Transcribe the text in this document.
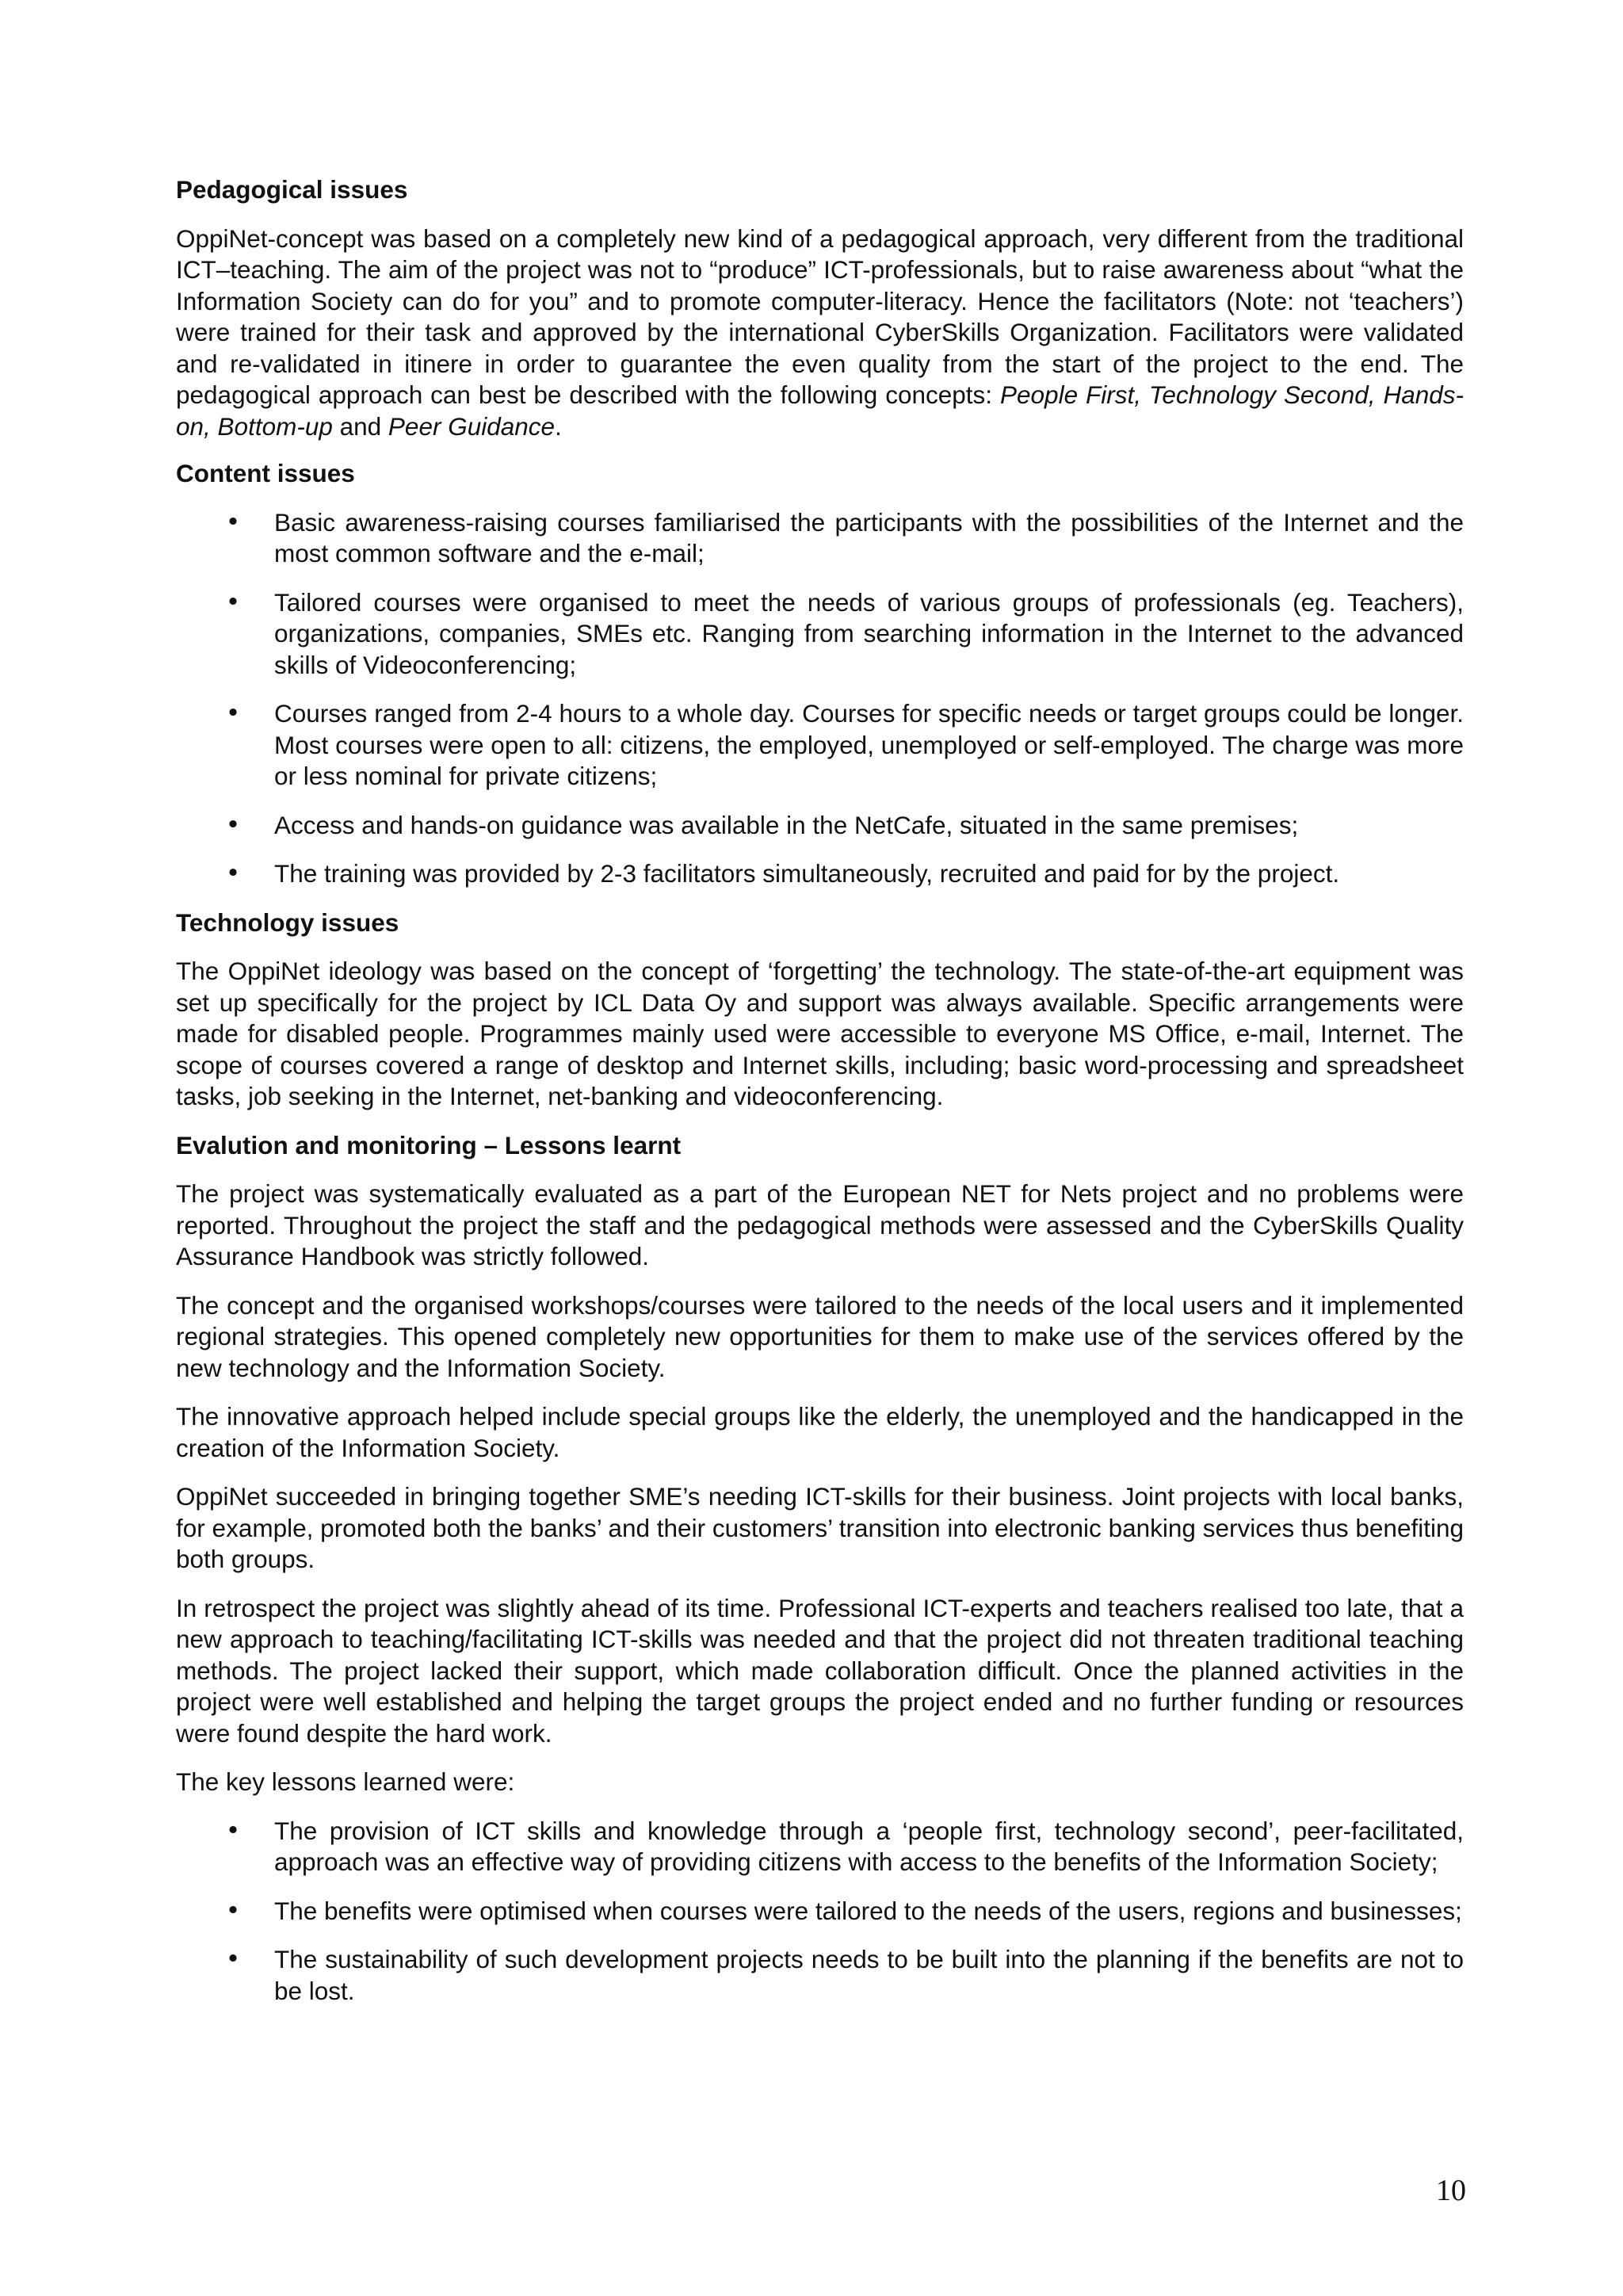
Pedagogical issues

OppiNet-concept was based on a completely new kind of a pedagogical approach, very different from the traditional ICT–teaching. The aim of the project was not to “produce” ICT-professionals, but to raise awareness about “what the Information Society can do for you” and to promote computer-literacy. Hence the facilitators (Note: not ‘teachers’) were trained for their task and approved by the international CyberSkills Organization. Facilitators were validated and re-validated in itinere in order to guarantee the even quality from the start of the project to the end. The pedagogical approach can best be described with the following concepts: People First, Technology Second, Hands-on, Bottom-up and Peer Guidance.

Content issues
• Basic awareness-raising courses familiarised the participants with the possibilities of the Internet and the most common software and the e-mail;
• Tailored courses were organised to meet the needs of various groups of professionals (eg. Teachers), organizations, companies, SMEs etc. Ranging from searching information in the Internet to the advanced skills of Videoconferencing;
• Courses ranged from 2-4 hours to a whole day. Courses for specific needs or target groups could be longer. Most courses were open to all: citizens, the employed, unemployed or self-employed. The charge was more or less nominal for private citizens;
• Access and hands-on guidance was available in the NetCafe, situated in the same premises;
• The training was provided by 2-3 facilitators simultaneously, recruited and paid for by the project.
Technology issues

The OppiNet ideology was based on the concept of ‘forgetting’ the technology. The state-of-the-art equipment was set up specifically for the project by ICL Data Oy and support was always available. Specific arrangements were made for disabled people. Programmes mainly used were accessible to everyone MS Office, e-mail, Internet. The scope of courses covered a range of desktop and Internet skills, including; basic word-processing and spreadsheet tasks, job seeking in the Internet, net-banking and videoconferencing.

Evalution and monitoring – Lessons learnt

The project was systematically evaluated as a part of the European NET for Nets project and no problems were reported. Throughout the project the staff and the pedagogical methods were assessed and the CyberSkills Quality Assurance Handbook was strictly followed.

The concept and the organised workshops/courses were tailored to the needs of the local users and it implemented regional strategies. This opened completely new opportunities for them to make use of the services offered by the new technology and the Information Society.

The innovative approach helped include special groups like the elderly, the unemployed and the handicapped in the creation of the Information Society.

OppiNet succeeded in bringing together SME’s needing ICT-skills for their business. Joint projects with local banks, for example, promoted both the banks’ and their customers’ transition into electronic banking services thus benefiting both groups.

In retrospect the project was slightly ahead of its time. Professional ICT-experts and teachers realised too late, that a new approach to teaching/facilitating ICT-skills was needed and that the project did not threaten traditional teaching methods. The project lacked their support, which made collaboration difficult. Once the planned activities in the project were well established and helping the target groups the project ended and no further funding or resources were found despite the hard work.

The key lessons learned were:

• The provision of ICT skills and knowledge through a ‘people first, technology second’, peer-facilitated, approach was an effective way of providing citizens with access to the benefits of the Information Society;
• The benefits were optimised when courses were tailored to the needs of the users, regions and businesses;
• The sustainability of such development projects needs to be built into the planning if the benefits are not to be lost.
10
